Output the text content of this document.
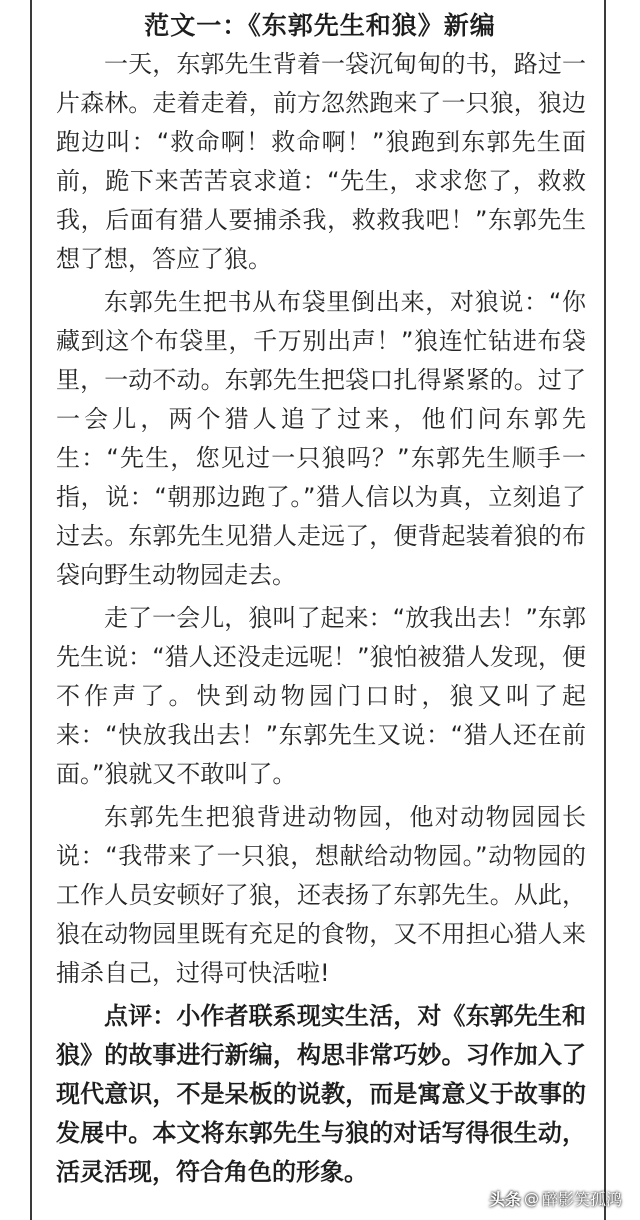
范文一：《东郭先生和狼》新编

一天，东郭先生背着一袋沉甸甸的书，路过一片森林。走着走着，前方忽然跑来了一只狼，狼边跑边叫：“救命啊！救命啊！”狼跑到东郭先生面前，跪下来苦苦哀求道：“先生，求求您了，救救我，后面有猎人要捕杀我，救救我吧！”东郭先生想了想，答应了狼。

东郭先生把书从布袋里倒出来，对狼说：“你藏到这个布袋里，千万别出声！”狼连忙钻进布袋里，一动不动。东郭先生把袋口扎得紧紧的。过了一会儿，两个猎人追了过来，他们问东郭先生：“先生，您见过一只狼吗？”东郭先生顺手一指，说：“朝那边跑了。”猎人信以为真，立刻追了过去。东郭先生见猎人走远了，便背起装着狼的布袋向野生动物园走去。

走了一会儿，狼叫了起来：“放我出去！”东郭先生说：“猎人还没走远呢！”狼怕被猎人发现，便不作声了。快到动物园门口时，狼又叫了起来：“快放我出去！”东郭先生又说：“猎人还在前面。”狼就又不敢叫了。

东郭先生把狼背进动物园，他对动物园园长说：“我带来了一只狼，想献给动物园。”动物园的工作人员安顿好了狼，还表扬了东郭先生。从此，狼在动物园里既有充足的食物，又不用担心猎人来捕杀自己，过得可快活啦!

点评：小作者联系现实生活，对《东郭先生和狼》的故事进行新编，构思非常巧妙。习作加入了现代意识，不是呆板的说教，而是寓意义于故事的发展中。本文将东郭先生与狼的对话写得很生动，活灵活现，符合角色的形象。

头条 @ 醉影笑孤鸿
